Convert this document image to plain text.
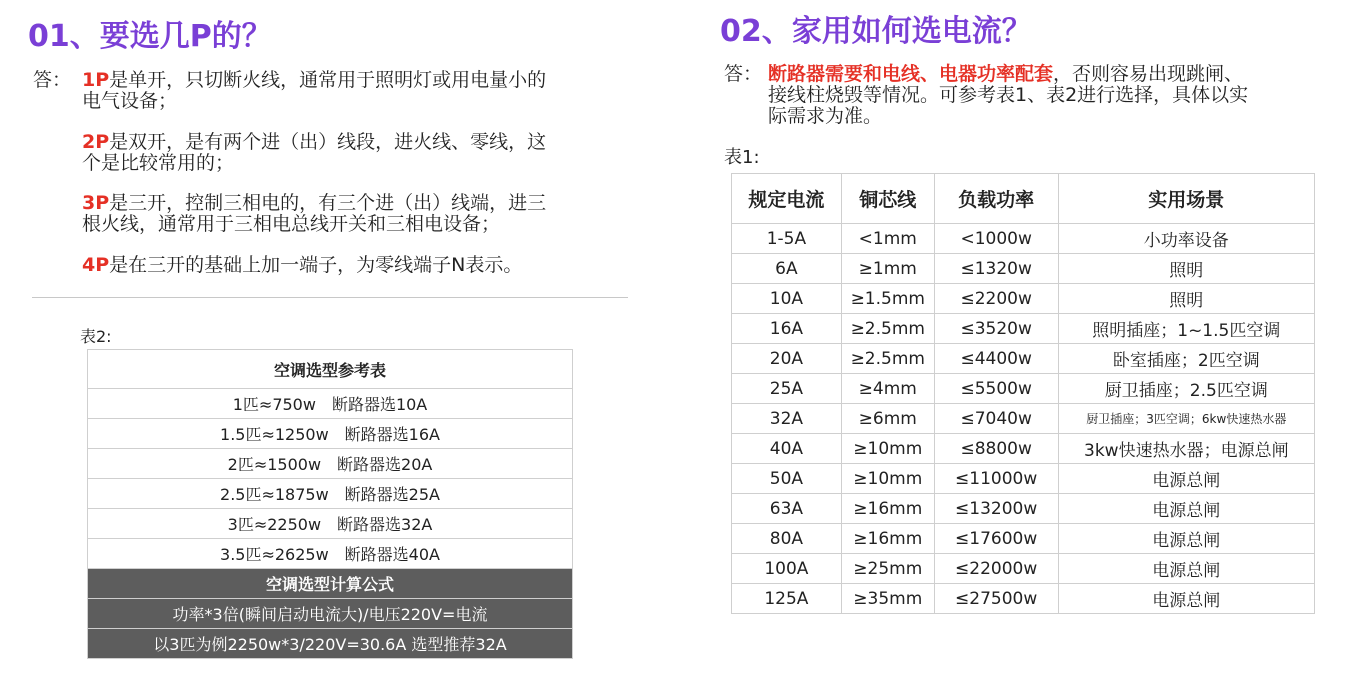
01、要选几P的？
答： 1P是单开，只切断火线，通常用于照明灯或用电量小的
电气设备；
2P是双开，是有两个进（出）线段，进火线、零线，这
个是比较常用的；
3P是三开，控制三相电的，有三个进（出）线端，进三
根火线，通常用于三相电总线开关和三相电设备；
4P是在三开的基础上加一端子，为零线端子N表示。
表2:
空调选型参考表
1匹≈750w　断路器选10A
1.5匹≈1250w　断路器选16A
2匹≈1500w　断路器选20A
2.5匹≈1875w　断路器选25A
3匹≈2250w　断路器选32A
3.5匹≈2625w　断路器选40A
空调选型计算公式
功率*3倍(瞬间启动电流大)/电压220V=电流
以3匹为例2250w*3/220V=30.6A 选型推荐32A
02、家用如何选电流？
答： 断路器需要和电线、电器功率配套，否则容易出现跳闸、
接线柱烧毁等情况。可参考表1、表2进行选择，具体以实
际需求为准。
表1:
规定电流	铜芯线	负载功率	实用场景
1-5A	<1mm	<1000w	小功率设备
6A	≥1mm	≤1320w	照明
10A	≥1.5mm	≤2200w	照明
16A	≥2.5mm	≤3520w	照明插座；1~1.5匹空调
20A	≥2.5mm	≤4400w	卧室插座；2匹空调
25A	≥4mm	≤5500w	厨卫插座；2.5匹空调
32A	≥6mm	≤7040w	厨卫插座；3匹空调；6kw快速热水器
40A	≥10mm	≤8800w	3kw快速热水器；电源总闸
50A	≥10mm	≤11000w	电源总闸
63A	≥16mm	≤13200w	电源总闸
80A	≥16mm	≤17600w	电源总闸
100A	≥25mm	≤22000w	电源总闸
125A	≥35mm	≤27500w	电源总闸
